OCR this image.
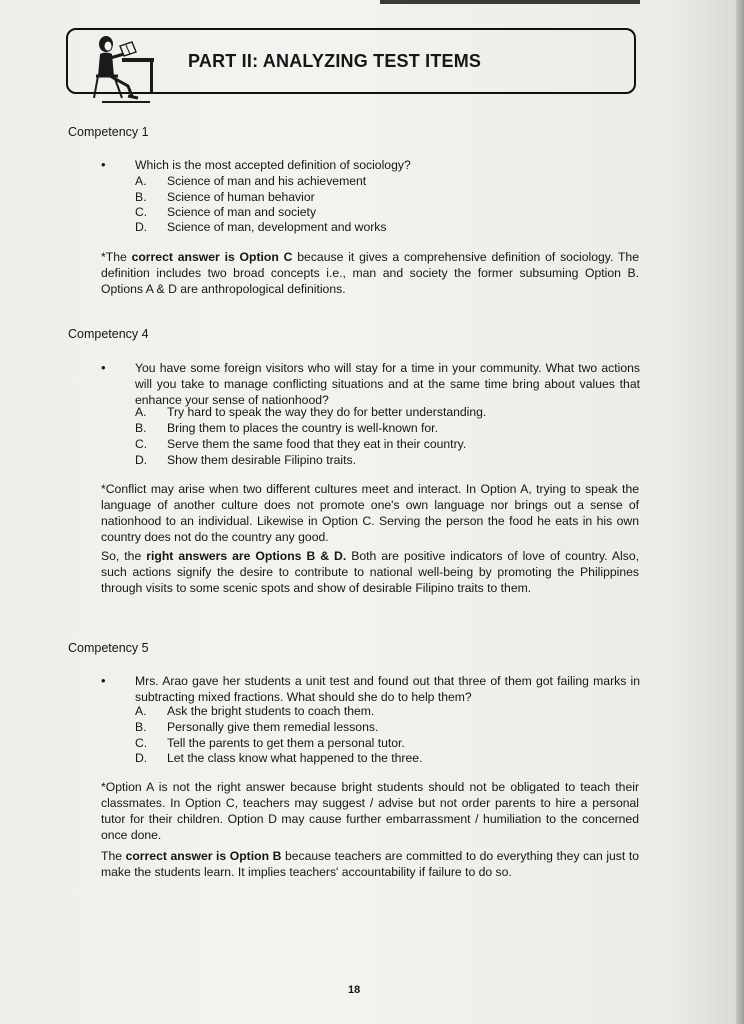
PART II: ANALYZING TEST ITEMS
Competency 1
• Which is the most accepted definition of sociology?
A. Science of man and his achievement
B. Science of human behavior
C. Science of man and society
D. Science of man, development and works
*The correct answer is Option C because it gives a comprehensive definition of sociology. The definition includes two broad concepts i.e., man and society the former subsuming Option B. Options A & D are anthropological definitions.
Competency 4
• You have some foreign visitors who will stay for a time in your community. What two actions will you take to manage conflicting situations and at the same time bring about values that enhance your sense of nationhood?
A. Try hard to speak the way they do for better understanding.
B. Bring them to places the country is well-known for.
C. Serve them the same food that they eat in their country.
D. Show them desirable Filipino traits.
*Conflict may arise when two different cultures meet and interact. In Option A, trying to speak the language of another culture does not promote one's own language nor brings out a sense of nationhood to an individual. Likewise in Option C. Serving the person the food he eats in his own country does not do the country any good.
So, the right answers are Options B & D. Both are positive indicators of love of country. Also, such actions signify the desire to contribute to national well-being by promoting the Philippines through visits to some scenic spots and show of desirable Filipino traits to them.
Competency 5
• Mrs. Arao gave her students a unit test and found out that three of them got failing marks in subtracting mixed fractions. What should she do to help them?
A. Ask the bright students to coach them.
B. Personally give them remedial lessons.
C. Tell the parents to get them a personal tutor.
D. Let the class know what happened to the three.
*Option A is not the right answer because bright students should not be obligated to teach their classmates. In Option C, teachers may suggest / advise but not order parents to hire a personal tutor for their children. Option D may cause further embarrassment / humiliation to the concerned once done.
The correct answer is Option B because teachers are committed to do everything they can just to make the students learn. It implies teachers' accountability if failure to do so.
18
